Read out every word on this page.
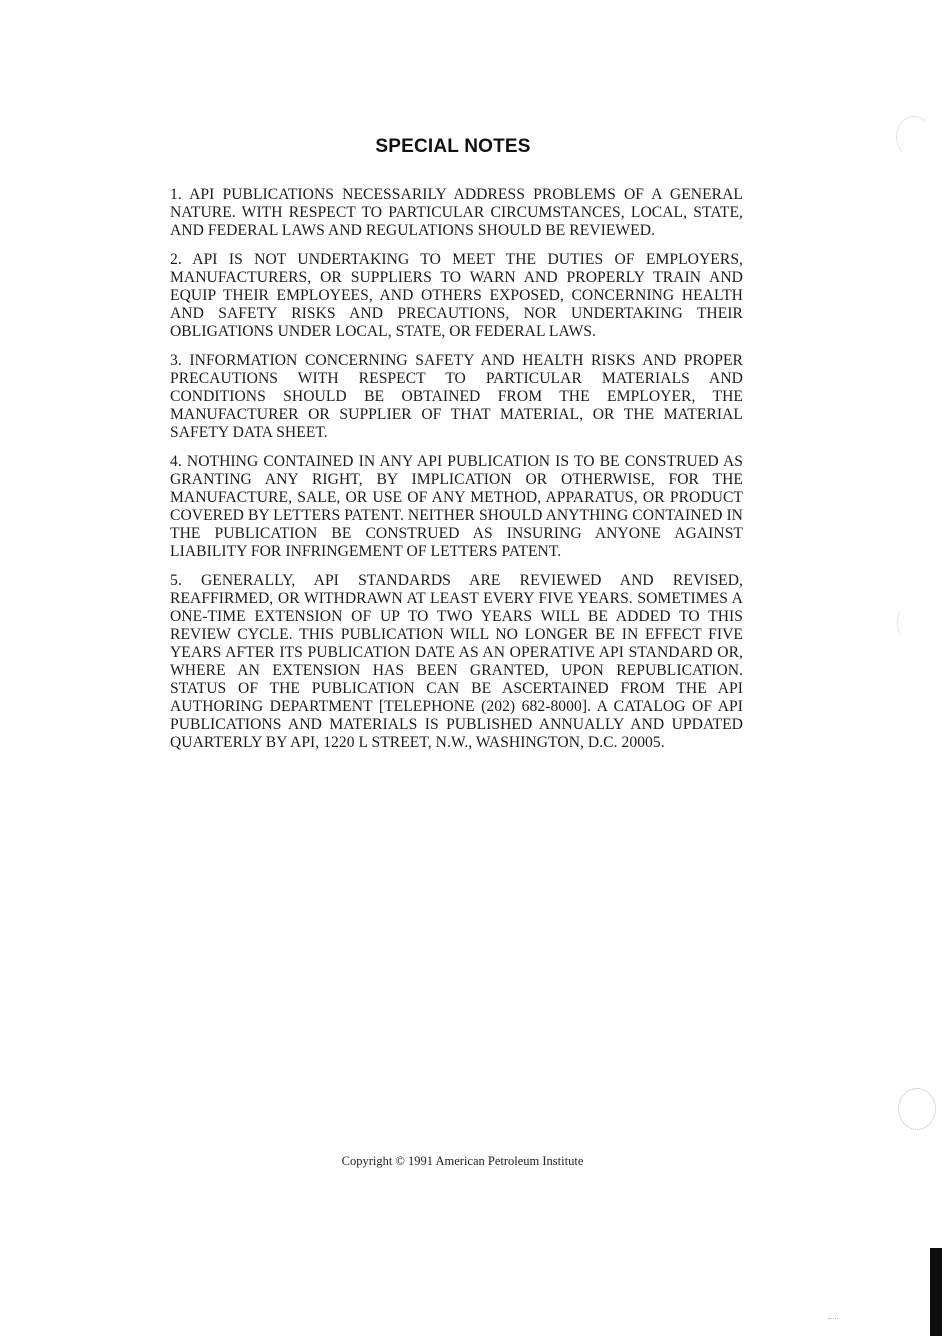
SPECIAL NOTES

1. API PUBLICATIONS NECESSARILY ADDRESS PROBLEMS OF A GENERAL NATURE. WITH RESPECT TO PARTICULAR CIRCUMSTANCES, LOCAL, STATE, AND FEDERAL LAWS AND REGULATIONS SHOULD BE REVIEWED.

2. API IS NOT UNDERTAKING TO MEET THE DUTIES OF EMPLOYERS, MANUFACTURERS, OR SUPPLIERS TO WARN AND PROPERLY TRAIN AND EQUIP THEIR EMPLOYEES, AND OTHERS EXPOSED, CONCERNING HEALTH AND SAFETY RISKS AND PRECAUTIONS, NOR UNDERTAKING THEIR OBLIGATIONS UNDER LOCAL, STATE, OR FEDERAL LAWS.

3. INFORMATION CONCERNING SAFETY AND HEALTH RISKS AND PROPER PRECAUTIONS WITH RESPECT TO PARTICULAR MATERIALS AND CONDITIONS SHOULD BE OBTAINED FROM THE EMPLOYER, THE MANUFACTURER OR SUPPLIER OF THAT MATERIAL, OR THE MATERIAL SAFETY DATA SHEET.

4. NOTHING CONTAINED IN ANY API PUBLICATION IS TO BE CONSTRUED AS GRANTING ANY RIGHT, BY IMPLICATION OR OTHERWISE, FOR THE MANUFACTURE, SALE, OR USE OF ANY METHOD, APPARATUS, OR PRODUCT COVERED BY LETTERS PATENT. NEITHER SHOULD ANYTHING CONTAINED IN THE PUBLICATION BE CONSTRUED AS INSURING ANYONE AGAINST LIABILITY FOR INFRINGEMENT OF LETTERS PATENT.

5. GENERALLY, API STANDARDS ARE REVIEWED AND REVISED, REAFFIRMED, OR WITHDRAWN AT LEAST EVERY FIVE YEARS. SOMETIMES A ONE-TIME EXTENSION OF UP TO TWO YEARS WILL BE ADDED TO THIS REVIEW CYCLE. THIS PUBLICATION WILL NO LONGER BE IN EFFECT FIVE YEARS AFTER ITS PUBLICATION DATE AS AN OPERATIVE API STANDARD OR, WHERE AN EXTENSION HAS BEEN GRANTED, UPON REPUBLICATION. STATUS OF THE PUBLICATION CAN BE ASCERTAINED FROM THE API AUTHORING DEPARTMENT [TELEPHONE (202) 682-8000]. A CATALOG OF API PUBLICATIONS AND MATERIALS IS PUBLISHED ANNUALLY AND UPDATED QUARTERLY BY API, 1220 L STREET, N.W., WASHINGTON, D.C. 20005.

Copyright © 1991 American Petroleum Institute
